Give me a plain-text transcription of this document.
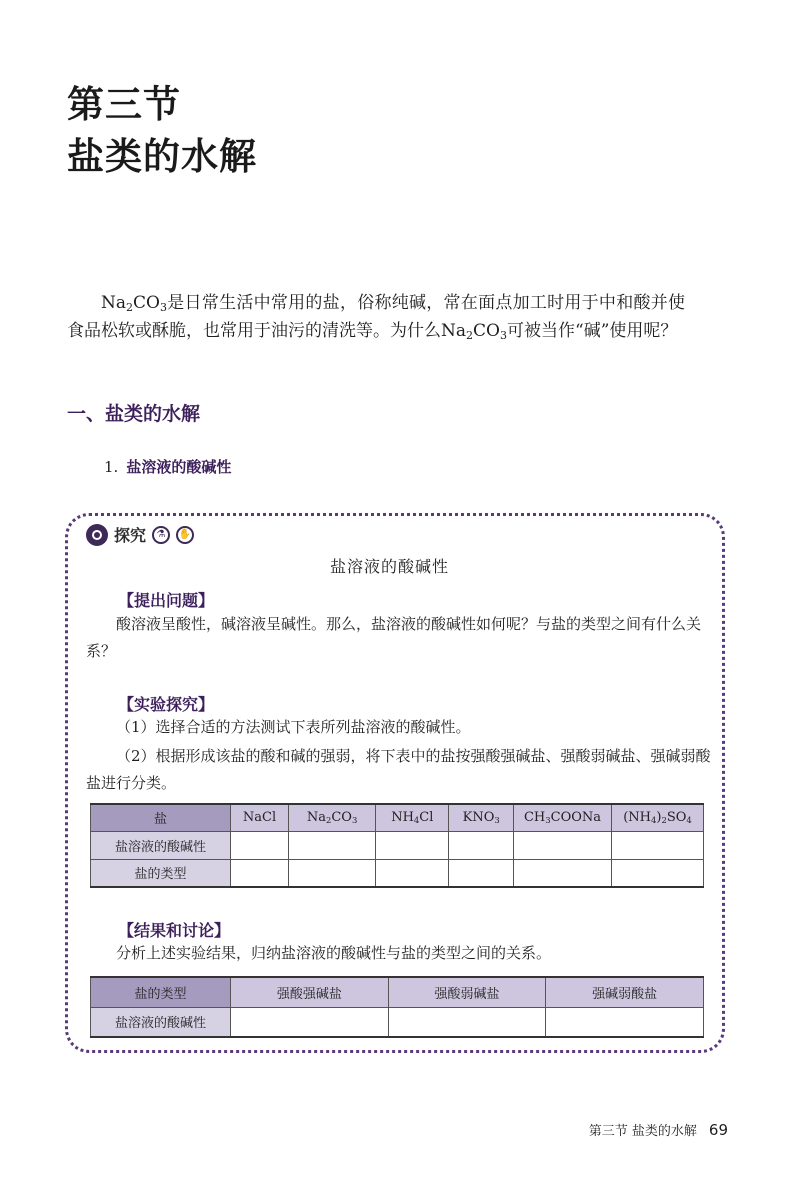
第三节
盐类的水解

$Na_2CO_3$是日常生活中常用的盐，俗称纯碱，常在面点加工时用于中和酸并使食品松软或酥脆，也常用于油污的清洗等。为什么$Na_2CO_3$可被当作“碱”使用呢？

一、盐类的水解
1. 盐溶液的酸碱性
探究	⚗	✋
盐溶液的酸碱性
【提出问题】
酸溶液呈酸性，碱溶液呈碱性。那么，盐溶液的酸碱性如何呢？与盐的类型之间有什么关系？
【实验探究】
（1）选择合适的方法测试下表所列盐溶液的酸碱性。
（2）根据形成该盐的酸和碱的强弱，将下表中的盐按强酸强碱盐、强酸弱碱盐、强碱弱酸盐进行分类。
盐	NaCl	$Na_2CO_3$	$NH_4Cl$	$KNO_3$	$CH_3COONa$	$(NH_4)_2SO_4$
盐溶液的酸碱性						
盐的类型						
【结果和讨论】
分析上述实验结果，归纳盐溶液的酸碱性与盐的类型之间的关系。
盐的类型	强酸强碱盐	强酸弱碱盐	强碱弱酸盐
盐溶液的酸碱性			
第三节 盐类的水解 69
